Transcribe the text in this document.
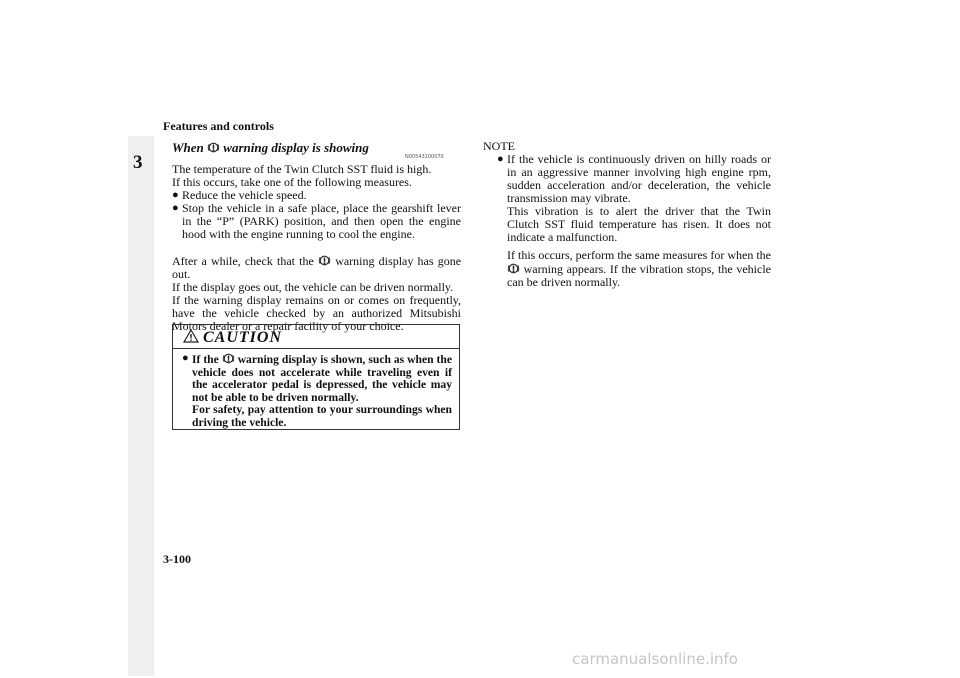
Features and controls
3
When warning display is showing
N00543100070

The temperature of the Twin Clutch SST fluid is high.

If this occurs, take one of the following measures.

● Reduce the vehicle speed.
● Stop the vehicle in a safe place, place the gearshift lever in the “P” (PARK) position, and then open the engine hood with the engine running to cool the engine.

After a while, check that the warning display has gone out.

If the display goes out, the vehicle can be driven normally.

If the warning display remains on or comes on frequently, have the vehicle checked by an authorized Mitsubishi Motors dealer or a repair facility of your choice.

CAUTION
● If the warning display is shown, such as when the vehicle does not accelerate while traveling even if the accelerator pedal is depressed, the vehicle may not be able to be driven normally.
For safety, pay attention to your surroundings when driving the vehicle.
NOTE

● If the vehicle is continuously driven on hilly roads or in an aggressive manner involving high engine rpm, sudden acceleration and/or deceleration, the vehicle transmission may vibrate.

This vibration is to alert the driver that the Twin Clutch SST fluid temperature has risen. It does not indicate a malfunction.

If this occurs, perform the same measures for when the  warning appears. If the vibration stops, the vehicle can be driven normally.

3-100
carmanualsonline.info
